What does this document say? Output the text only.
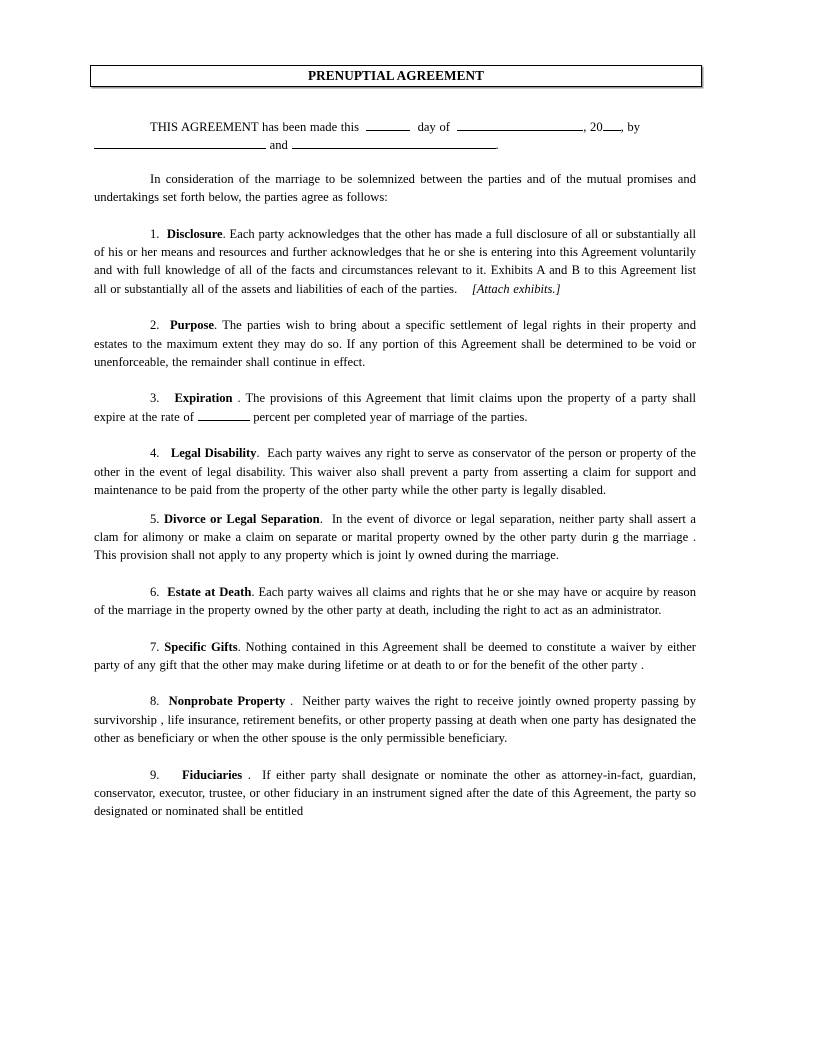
PRENUPTIAL AGREEMENT

THIS AGREEMENT has been made this	day of	, 20 , by
and	.

In consideration of the marriage to be solemnized between the parties and of the mutual promises and undertakings set forth below, the parties agree as follows:

1. Disclosure. Each party acknowledges that the other has made a full disclosure of all or substantially all of his or her means and resources and further acknowledges that he or she is entering into this Agreement voluntarily and with full knowledge of all of the facts and circumstances relevant to it. Exhibits A and B to this Agreement list all or substantially all of the assets and liabilities of each of the parties. [Attach exhibits.]

2. Purpose. The parties wish to bring about a specific settlement of legal rights in their property and estates to the maximum extent they may do so. If any portion of this Agreement shall be determined to be void or unenforceable, the remainder shall continue in effect.

3. Expiration . The provisions of this Agreement that limit claims upon the property of a party shall expire at the rate of	percent per completed year of marriage of the parties.

4. Legal Disability. Each party waives any right to serve as conservator of the person or property of the other in the event of legal disability. This waiver also shall prevent a party from asserting a claim for support and maintenance to be paid from the property of the other party while the other party is legally disabled.

5. Divorce or Legal Separation. In the event of divorce or legal separation, neither party shall assert a clam for alimony or make a claim on separate or marital property owned by the other party durin g the marriage . This provision shall not apply to any property which is joint ly owned during the marriage.

6. Estate at Death. Each party waives all claims and rights that he or she may have or acquire by reason of the marriage in the property owned by the other party at death, including the right to act as an administrator.

7. Specific Gifts. Nothing contained in this Agreement shall be deemed to constitute a waiver by either party of any gift that the other may make during lifetime or at death to or for the benefit of the other party .

8. Nonprobate Property . Neither party waives the right to receive jointly owned property passing by survivorship , life insurance, retirement benefits, or other property passing at death when one party has designated the other as beneficiary or when the other spouse is the only permissible beneficiary.

9. Fiduciaries . If either party shall designate or nominate the other as attorney-in-fact, guardian, conservator, executor, trustee, or other fiduciary in an instrument signed after the date of this Agreement, the party so designated or nominated shall be entitled
